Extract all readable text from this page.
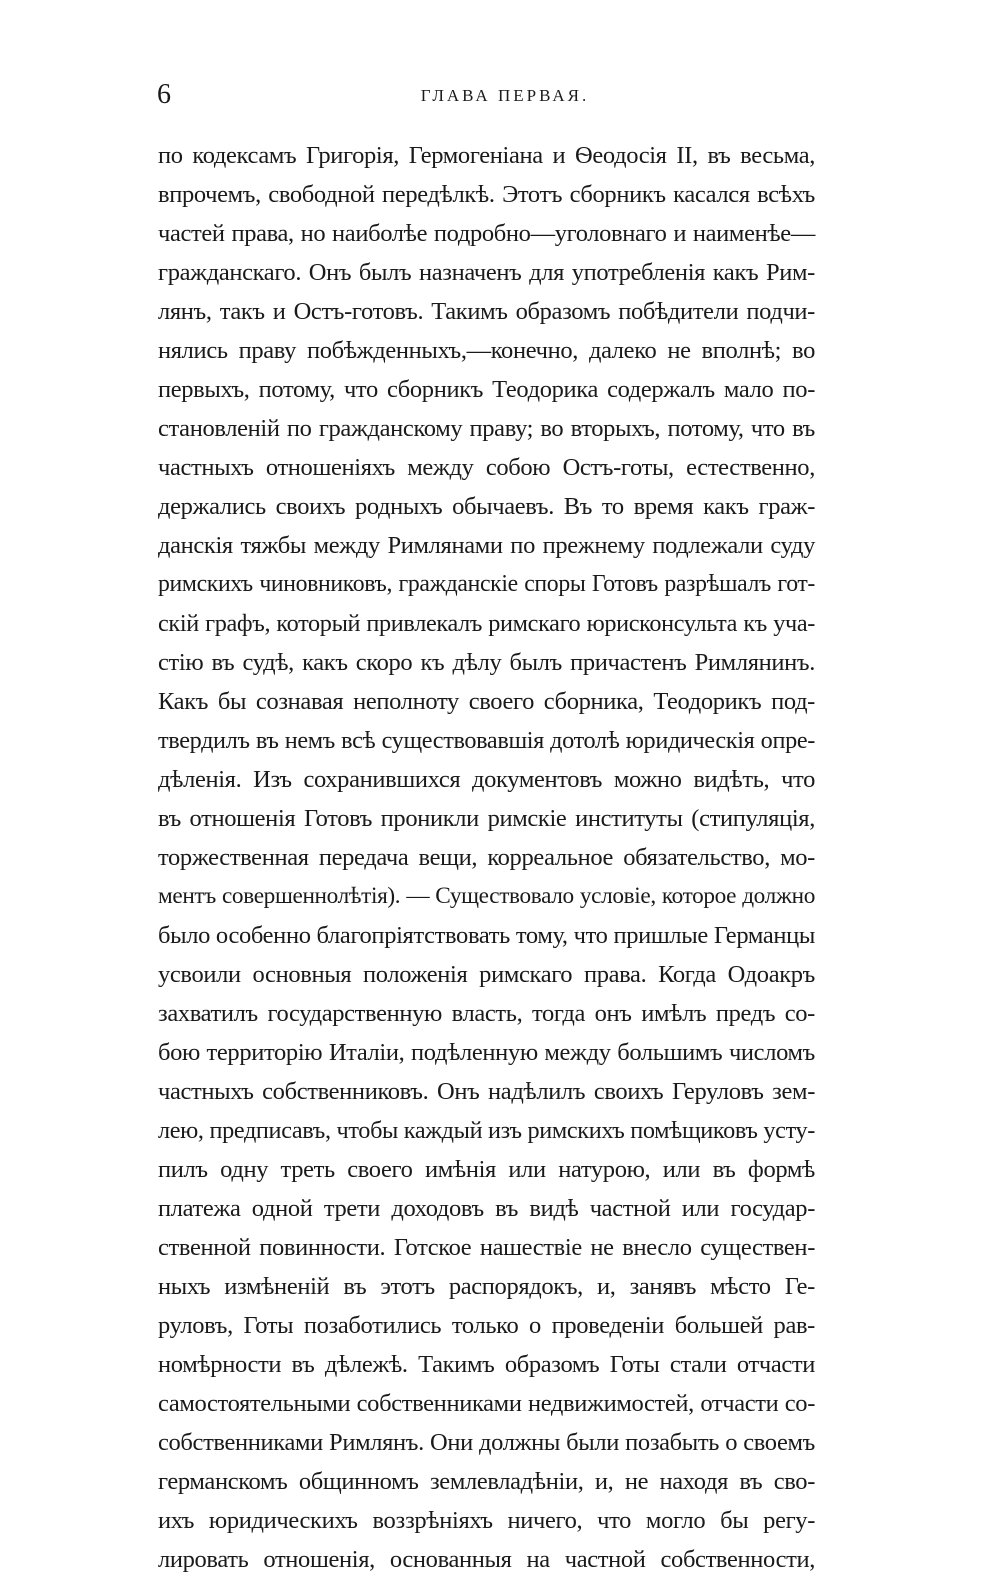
6	ГЛАВА ПЕРВАЯ.
по кодексамъ Григорія, Гермогеніана и Ѳеодосія II, въ весьма,
впрочемъ, свободной передѣлкѣ. Этотъ сборникъ касался всѣхъ
частей права, но наиболѣе подробно—уголовнаго и наименѣе—
гражданскаго. Онъ былъ назначенъ для употребленія какъ Рим-
лянъ, такъ и Остъ-готовъ. Такимъ образомъ побѣдители подчи-
нялись праву побѣжденныхъ,—конечно, далеко не вполнѣ; во
первыхъ, потому, что сборникъ Теодорика содержалъ мало по-
становленій по гражданскому праву; во вторыхъ, потому, что въ
частныхъ отношеніяхъ между собою Остъ-готы, естественно,
держались своихъ родныхъ обычаевъ. Въ то время какъ граж-
данскія тяжбы между Римлянами по прежнему подлежали суду
римскихъ чиновниковъ, гражданскіе споры Готовъ разрѣшалъ гот-
скій графъ, который привлекалъ римскаго юрисконсульта къ уча-
стію въ судѣ, какъ скоро къ дѣлу былъ причастенъ Римлянинъ.
Какъ бы сознавая неполноту своего сборника, Теодорикъ под-
твердилъ въ немъ всѣ существовавшія дотолѣ юридическія опре-
дѣленія. Изъ сохранившихся документовъ можно видѣть, что
въ отношенія Готовъ проникли римскіе институты (стипуляція,
торжественная передача вещи, корреальное обязательство, мо-
ментъ совершеннолѣтія). — Существовало условіе, которое должно
было особенно благопріятствовать тому, что пришлые Германцы
усвоили основныя положенія римскаго права. Когда Одоакръ
захватилъ государственную власть, тогда онъ имѣлъ предъ со-
бою территорію Италіи, подѣленную между большимъ числомъ
частныхъ собственниковъ. Онъ надѣлилъ своихъ Геруловъ зем-
лею, предписавъ, чтобы каждый изъ римскихъ помѣщиковъ усту-
пилъ одну треть своего имѣнія или натурою, или въ формѣ
платежа одной трети доходовъ въ видѣ частной или государ-
ственной повинности. Готское нашествіе не внесло существен-
ныхъ измѣненій въ этотъ распорядокъ, и, занявъ мѣсто Ге-
руловъ, Готы позаботились только о проведеніи большей рав-
номѣрности въ дѣлежѣ. Такимъ образомъ Готы стали отчасти
самостоятельными собственниками недвижимостей, отчасти со-
собственниками Римлянъ. Они должны были позабыть о своемъ
германскомъ общинномъ землевладѣніи, и, не находя въ сво-
ихъ юридическихъ воззрѣніяхъ ничего, что могло бы регу-
лировать отношенія, основанныя на частной собственности,
